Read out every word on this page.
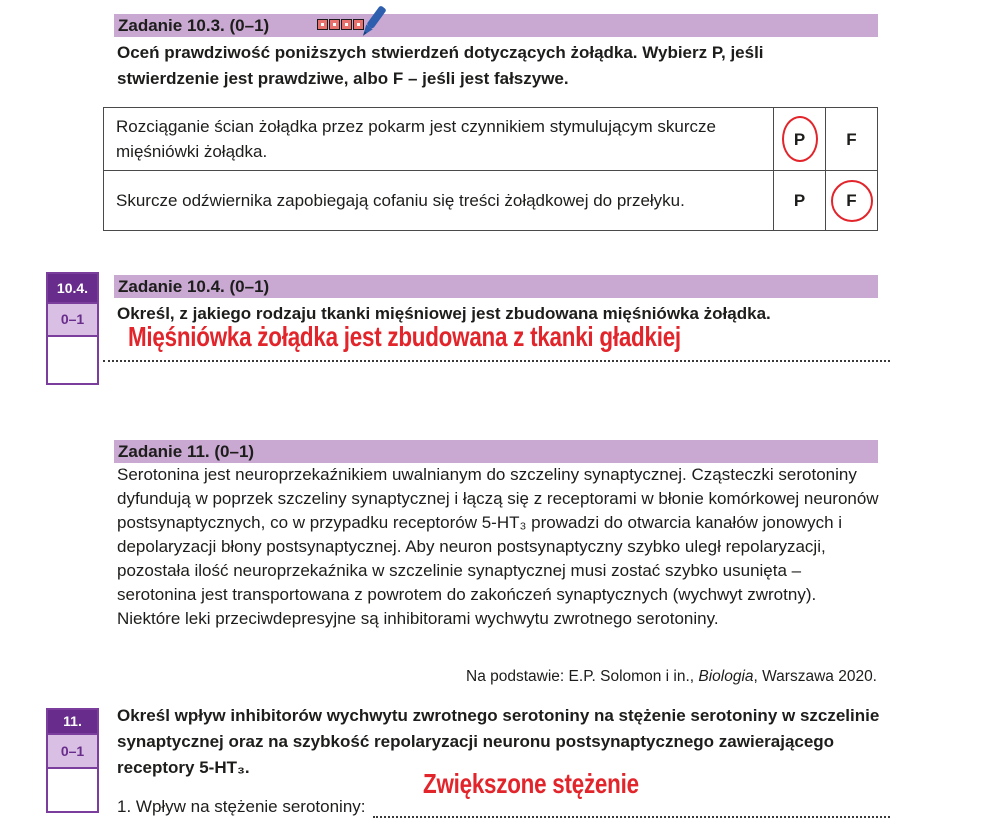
Zadanie 10.3. (0–1)
Oceń prawdziwość poniższych stwierdzeń dotyczących żołądka. Wybierz P, jeśli stwierdzenie jest prawdziwe, albo F – jeśli jest fałszywe.
Rozciąganie ścian żołądka przez pokarm jest czynnikiem stymulującym skurcze mięśniówki żołądka.	P	F
Skurcze odźwiernika zapobiegają cofaniu się treści żołądkowej do przełyku.	P	F
10.4.
0–1
Zadanie 10.4. (0–1)
Określ, z jakiego rodzaju tkanki mięśniowej jest zbudowana mięśniówka żołądka.
Mięśniówka żołądka jest zbudowana z tkanki gładkiej
Zadanie 11. (0–1)
Serotonina jest neuroprzekaźnikiem uwalnianym do szczeliny synaptycznej. Cząsteczki serotoniny dyfundują w poprzek szczeliny synaptycznej i łączą się z receptorami w błonie komórkowej neuronów postsynaptycznych, co w przypadku receptorów 5-HT₃ prowadzi do otwarcia kanałów jonowych i depolaryzacji błony postsynaptycznej. Aby neuron postsynaptyczny szybko uległ repolaryzacji, pozostała ilość neuroprzekaźnika w szczelinie synaptycznej musi zostać szybko usunięta – serotonina jest transportowana z powrotem do zakończeń synaptycznych (wychwyt zwrotny). Niektóre leki przeciwdepresyjne są inhibitorami wychwytu zwrotnego serotoniny.
Na podstawie: E.P. Solomon i in., Biologia, Warszawa 2020.
11.
0–1
Określ wpływ inhibitorów wychwytu zwrotnego serotoniny na stężenie serotoniny w szczelinie synaptycznej oraz na szybkość repolaryzacji neuronu postsynaptycznego zawierającego receptory 5-HT₃.
Zwiększone stężenie
1. Wpływ na stężenie serotoniny:
